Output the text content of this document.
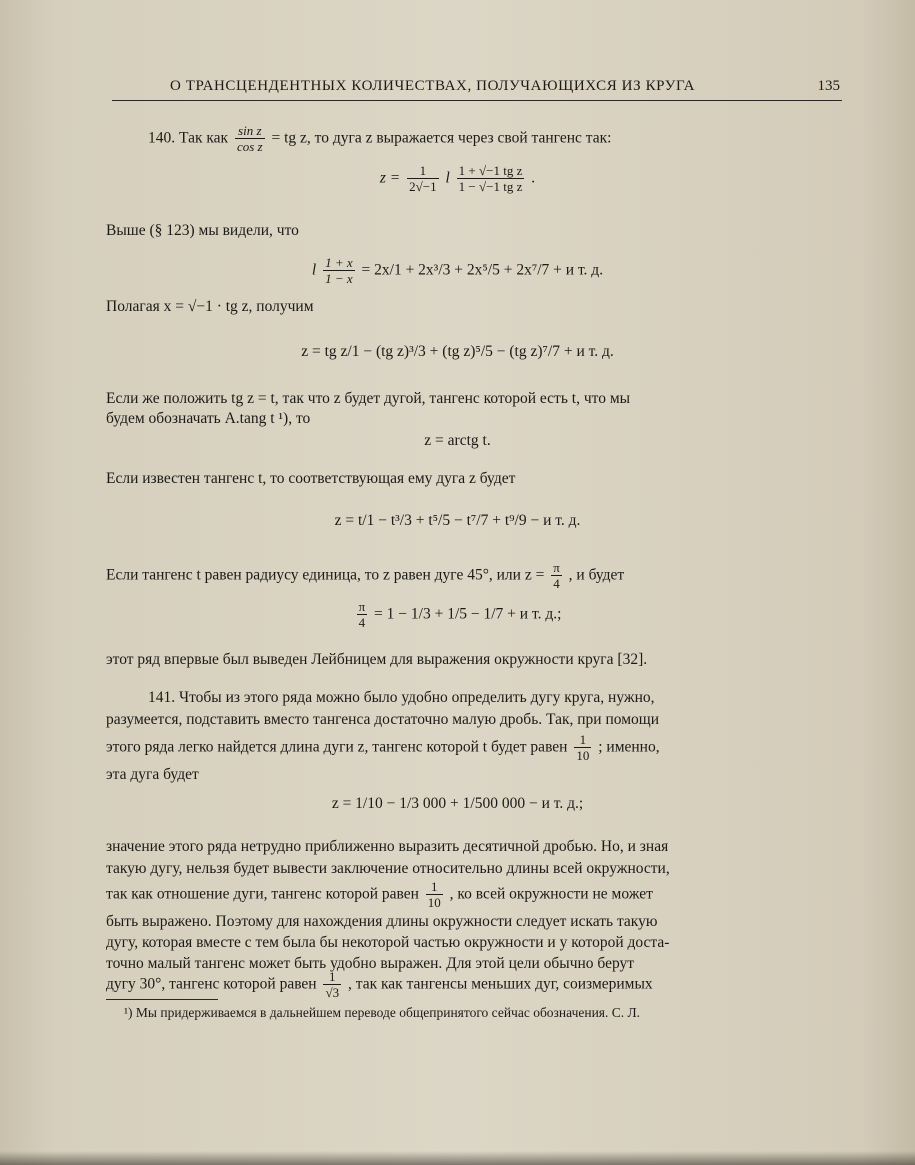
О ТРАНСЦЕНДЕНТНЫХ КОЛИЧЕСТВАХ, ПОЛУЧАЮЩИХСЯ ИЗ КРУГА	135
140. Так как $\frac{\text{sin z}}{\text{cos z}}$ = tg z, то дуга z выражается через свой тангенс так:
$z = \frac{1}{2√-1}$ l $\frac{\text{1 + √−1 tg z}}{\text{1 − √−1 tg z}}$ .
Выше (§ 123) мы видели, что
l $\frac{1 + x}{1 - x} = 2x/1 + 2x^3/3 + 2x^5/5 + 2x^7/7 + и$ т. д.
Полагая x = √−1 · tg z, получим
z = tg z/1 − (tg z)³/3 + (tg z)⁵/5 − (tg z)⁷/7 + и т. д.
Если же положить tg z = t, так что z будет дугой, тангенс которой есть t, что мы
будем обозначать A.tang t ¹), то
z = arctg t.
Если известен тангенс t, то соответствующая ему дуга z будет
z = t/1 − t³/3 + t⁵/5 − t⁷/7 + t⁹/9 − и т. д.
Если тангенс t равен радиусу единица, то z равен дуге 45°, или $z = \frac{\pi}{4}$ , и будет
$\frac{\pi}{4} = 1 - 1/3 + 1/5 - 1/7 + и$ т. д.;
этот ряд впервые был выведен Лейбницем для выражения окружности круга [32].
141. Чтобы из этого ряда можно было удобно определить дугу круга, нужно,
разумеется, подставить вместо тангенса достаточно малую дробь. Так, при помощи
этого ряда легко найдется длина дуги z, тангенс которой t будет равен $\frac{1}{10}$ ; именно,
эта дуга будет
z = 1/10 − 1/3 000 + 1/500 000 − и т. д.;
значение этого ряда нетрудно приближенно выразить десятичной дробью. Но, и зная
такую дугу, нельзя будет вывести заключение относительно длины всей окружности,
так как отношение дуги, тангенс которой равен $\frac{1}{10}$ , ко всей окружности не может
быть выражено. Поэтому для нахождения длины окружности следует искать такую
дугу, которая вместе с тем была бы некоторой частью окружности и у которой доста-
точно малый тангенс может быть удобно выражен. Для этой цели обычно берут
дугу 30°, тангенс которой равен $\frac{1}{√3}$ , так как тангенсы меньших дуг, соизмеримых
¹) Мы придерживаемся в дальнейшем переводе общепринятого сейчас обозначения. С. Л.
